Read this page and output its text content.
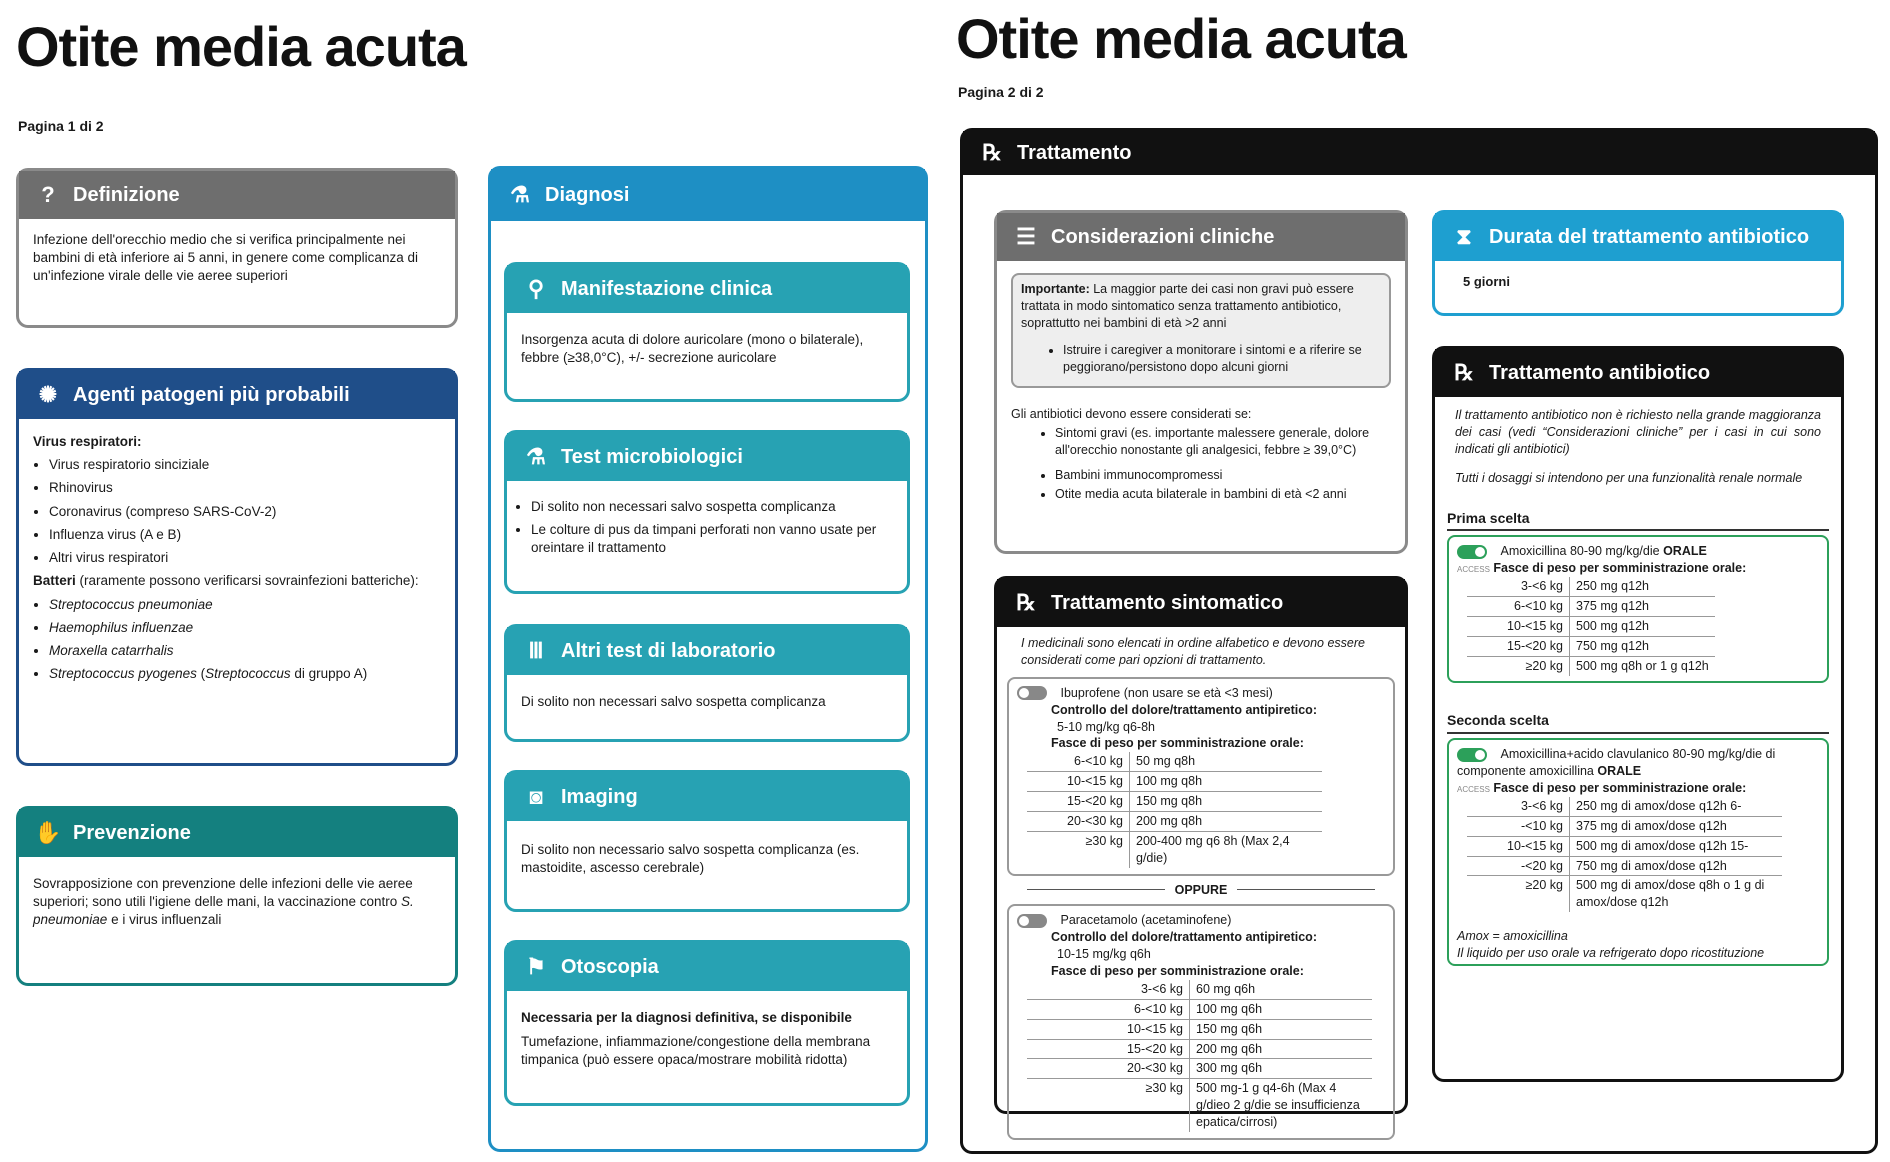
Otite media acuta
Pagina 1 di 2
? Definizione
Infezione dell'orecchio medio che si verifica principalmente nei bambini di età inferiore ai 5 anni, in genere come complicanza di un'infezione virale delle vie aeree superiori
✺ Agenti patogeni più probabili
Virus respiratori:
• Virus respiratorio sinciziale
• Rhinovirus
• Coronavirus (compreso SARS-CoV-2)
• Influenza virus (A e B)
• Altri virus respiratori
Batteri (raramente possono verificarsi sovrainfezioni batteriche):
• Streptococcus pneumoniae
• Haemophilus influenzae
• Moraxella catarrhalis
• Streptococcus pyogenes (Streptococcus di gruppo A)
✋ Prevenzione
Sovrapposizione con prevenzione delle infezioni delle vie aeree superiori; sono utili l'igiene delle mani, la vaccinazione contro S. pneumoniae e i virus influenzali
⚗ Diagnosi
⚲ Manifestazione clinica
Insorgenza acuta di dolore auricolare (mono o bilaterale), febbre (≥38,0°C), +/- secrezione auricolare
⚗ Test microbiologici
• Di solito non necessari salvo sospetta complicanza
• Le colture di pus da timpani perforati non vanno usate per oreintare il trattamento
Ⅲ Altri test di laboratorio
Di solito non necessari salvo sospetta complicanza
◙ Imaging
Di solito non necessario salvo sospetta complicanza (es. mastoidite, ascesso cerebrale)
⚑ Otoscopia
Necessaria per la diagnosi definitiva, se disponibile
Tumefazione, infiammazione/congestione della membrana timpanica (può essere opaca/mostrare mobilità ridotta)
Otite media acuta
Pagina 2 di 2
℞ Trattamento
☰ Considerazioni cliniche
Importante: La maggior parte dei casi non gravi può essere trattata in modo sintomatico senza trattamento antibiotico, soprattutto nei bambini di età >2 anni
• Istruire i caregiver a monitorare i sintomi e a riferire se peggiorano/persistono dopo alcuni giorni
Gli antibiotici devono essere considerati se:
• Sintomi gravi (es. importante malessere generale, dolore all'orecchio nonostante gli analgesici, febbre ≥ 39,0°C)
• Bambini immunocompromessi
• Otite media acuta bilaterale in bambini di età <2 anni
⧗ Durata del trattamento antibiotico
5 giorni
℞ Trattamento sintomatico
I medicinali sono elencati in ordine alfabetico e devono essere considerati come pari opzioni di trattamento.
Ibuprofene (non usare se età <3 mesi)
Controllo del dolore/trattamento antipiretico:
5-10 mg/kg q6-8h
Fasce di peso per somministrazione orale:
6-<10 kg	50 mg q8h
10-<15 kg	100 mg q8h
15-<20 kg	150 mg q8h
20-<30 kg	200 mg q8h
≥30 kg	200-400 mg q6 8h (Max 2,4 g/die)
OPPURE
Paracetamolo (acetaminofene)
Controllo del dolore/trattamento antipiretico:
10-15 mg/kg q6h
Fasce di peso per somministrazione orale:
3-<6 kg	60 mg q6h
6-<10 kg	100 mg q6h
10-<15 kg	150 mg q6h
15-<20 kg	200 mg q6h
20-<30 kg	300 mg q6h
≥30 kg	500 mg-1 g q4-6h (Max 4 g/dieo 2 g/die se insufficienza epatica/cirrosi)
℞ Trattamento antibiotico
Il trattamento antibiotico non è richiesto nella grande maggioranza dei casi (vedi “Considerazioni cliniche” per i casi in cui sono indicati gli antibiotici)
Tutti i dosaggi si intendono per una funzionalità renale normale
Prima scelta
Amoxicillina 80-90 mg/kg/die ORALE
ACCESS Fasce di peso per somministrazione orale:
3-<6 kg	250 mg q12h
6-<10 kg	375 mg q12h
10-<15 kg	500 mg q12h
15-<20 kg	750 mg q12h
≥20 kg	500 mg q8h or 1 g q12h
Seconda scelta
Amoxicillina+acido clavulanico 80-90 mg/kg/die di componente amoxicillina ORALE
ACCESS Fasce di peso per somministrazione orale:
3-<6 kg	250 mg di amox/dose q12h 6-
-<10 kg	375 mg di amox/dose q12h
10-<15 kg	500 mg di amox/dose q12h 15-
-<20 kg	750 mg di amox/dose q12h
≥20 kg	500 mg di amox/dose q8h o 1 g di amox/dose q12h
Amox = amoxicillina
Il liquido per uso orale va refrigerato dopo ricostituzione
